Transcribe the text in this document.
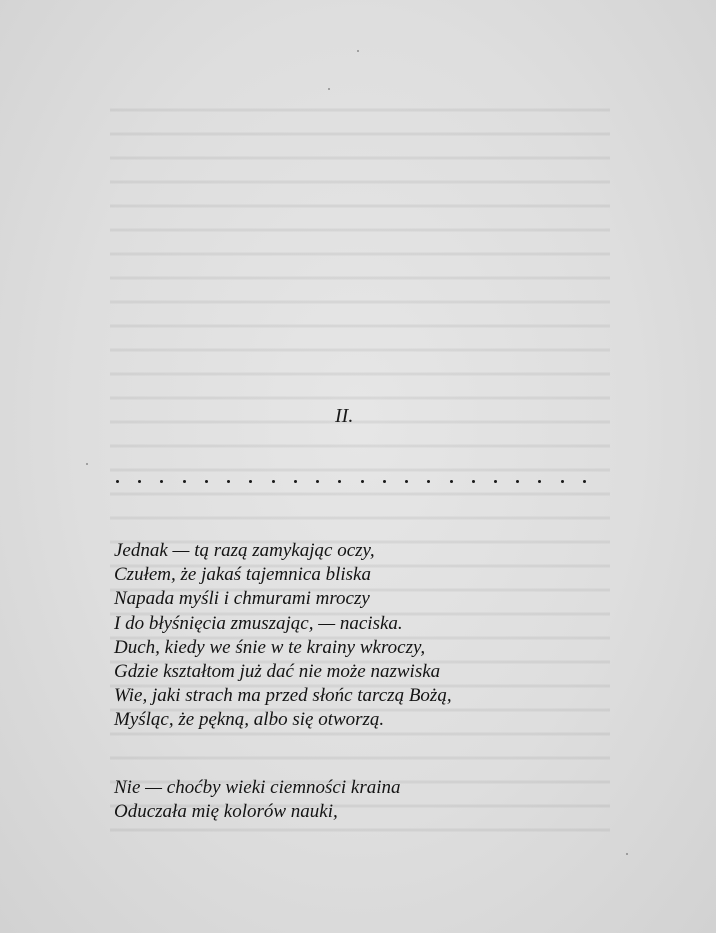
II.
Jednak — tą razą zamykając oczy,
Czułem, że jakaś tajemnica bliska
Napada myśli i chmurami mroczy
I do błyśnięcia zmuszając, — naciska.
Duch, kiedy we śnie w te krainy wkroczy,
Gdzie kształtom już dać nie może nazwiska
Wie, jaki strach ma przed słońc tarczą Bożą,
Myśląc, że pękną, albo się otworzą.
Nie — choćby wieki ciemności kraina
Oduczała mię kolorów nauki,
